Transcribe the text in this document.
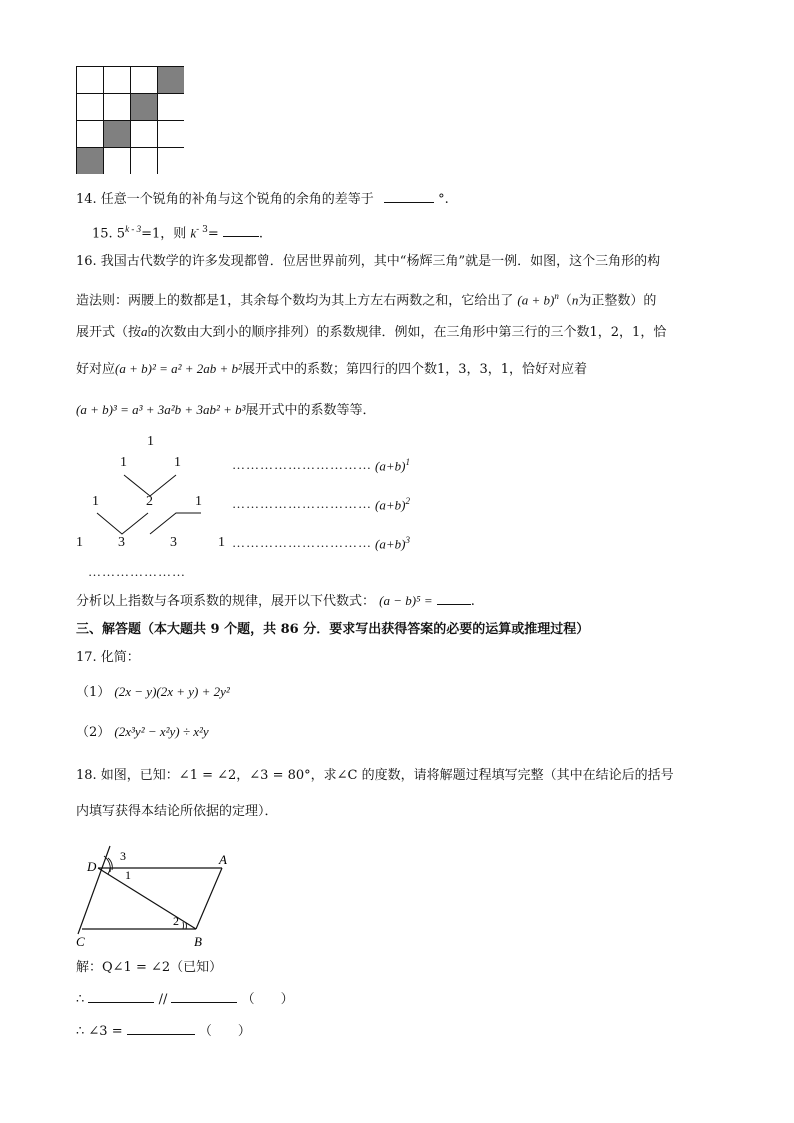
14. 任意一个锐角的补角与这个锐角的余角的差等于	°.
15. $5^{k - 3}=1$，则 $k^{- 3}=$	.
16. 我国古代数学的许多发现都曾．位居世界前列，其中“杨辉三角”就是一例．如图，这个三角形的构
造法则：两腰上的数都是1，其余每个数均为其上方左右两数之和，它给出了 $(a + b)^n(n$为正整数）的
展开式（按a的次数由大到小的顺序排列）的系数规律．例如，在三角形中第三行的三个数1，2，1，恰
好对应(a + b)² = a² + 2ab + b²展开式中的系数；第四行的四个数1，3，3，1，恰好对应着
(a + b)³ = a³ + 3a²b + 3ab² + b³展开式中的系数等等．
1
1	1
1	2	1
1	3	3	1
………………………… $(a+b)^1$
………………………… $(a+b)^2$
………………………… $(a+b)^3$
…………………
分析以上指数与各项系数的规律，展开以下代数式： (a − b)⁵ =	.
三、解答题（本大题共 9 个题，共 86 分．要求写出获得答案的必要的运算或推理过程）
17. 化简：
（1） (2x − y)(2x + y) + 2y²
（2） (2x³y² − x²y) ÷ x²y
18. 如图，已知：∠1 = ∠2，∠3 = 80°，求∠C 的度数，请将解题过程填写完整（其中在结论后的括号
内填写获得本结论所依据的定理）．
D	A
C	B
3
1
2
解：Q∠1 = ∠2（已知）
∴	//	（　　）
∴ ∠3 =	（　　）
